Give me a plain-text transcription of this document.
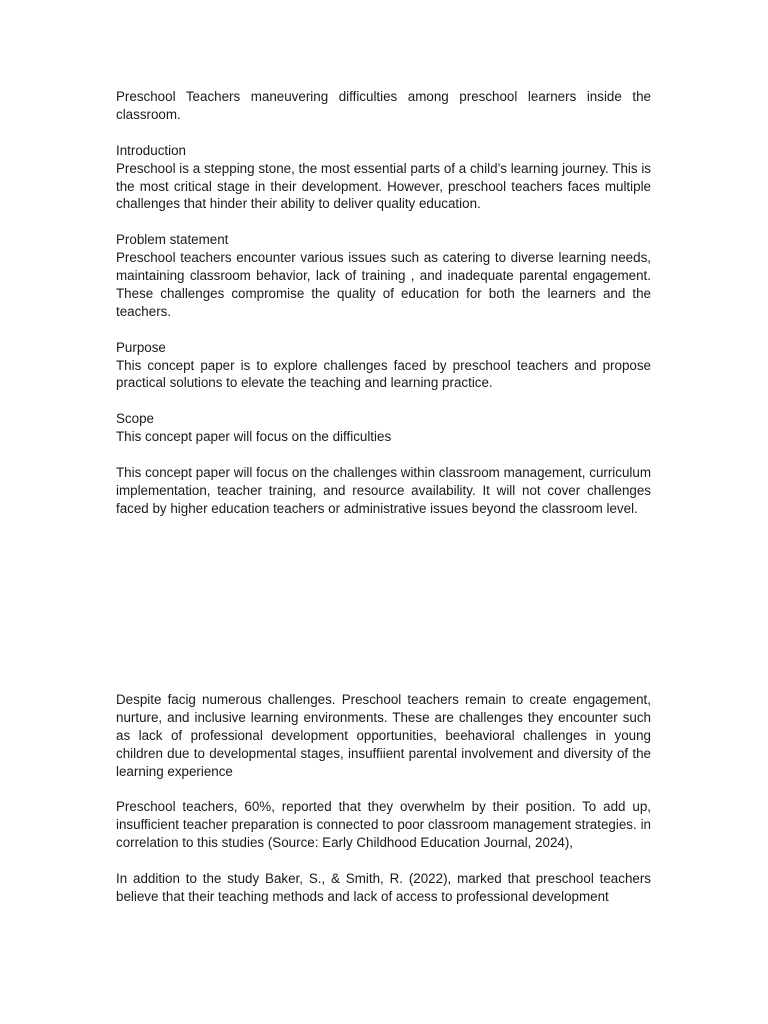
Preschool Teachers maneuvering difficulties among preschool learners inside the classroom.

Introduction

Preschool is a stepping stone, the most essential parts of a child’s learning journey. This is the most critical stage in their development. However, preschool teachers faces multiple challenges that hinder their ability to deliver quality education.

Problem statement

Preschool teachers encounter various issues such as catering to diverse learning needs, maintaining classroom behavior, lack of training , and inadequate parental engagement. These challenges compromise the quality of education for both the learners and the teachers.

Purpose

This concept paper is to explore challenges faced by preschool teachers and propose practical solutions to elevate the teaching and learning practice.

Scope

This concept paper will focus on the difficulties

This concept paper will focus on the challenges within classroom management, curriculum implementation, teacher training, and resource availability. It will not cover challenges faced by higher education teachers or administrative issues beyond the classroom level.

Despite facig numerous challenges. Preschool teachers remain to create engagement, nurture, and inclusive learning environments. These are challenges they encounter such as lack of professional development opportunities, beehavioral challenges in young children due to developmental stages, insuffiient parental involvement and diversity of the learning experience

Preschool teachers, 60%, reported that they overwhelm by their position. To add up, insufficient teacher preparation is connected to poor classroom management strategies. in correlation to this studies (Source: Early Childhood Education Journal, 2024),

In addition to the study Baker, S., & Smith, R. (2022), marked that preschool teachers believe that their teaching methods and lack of access to professional development
